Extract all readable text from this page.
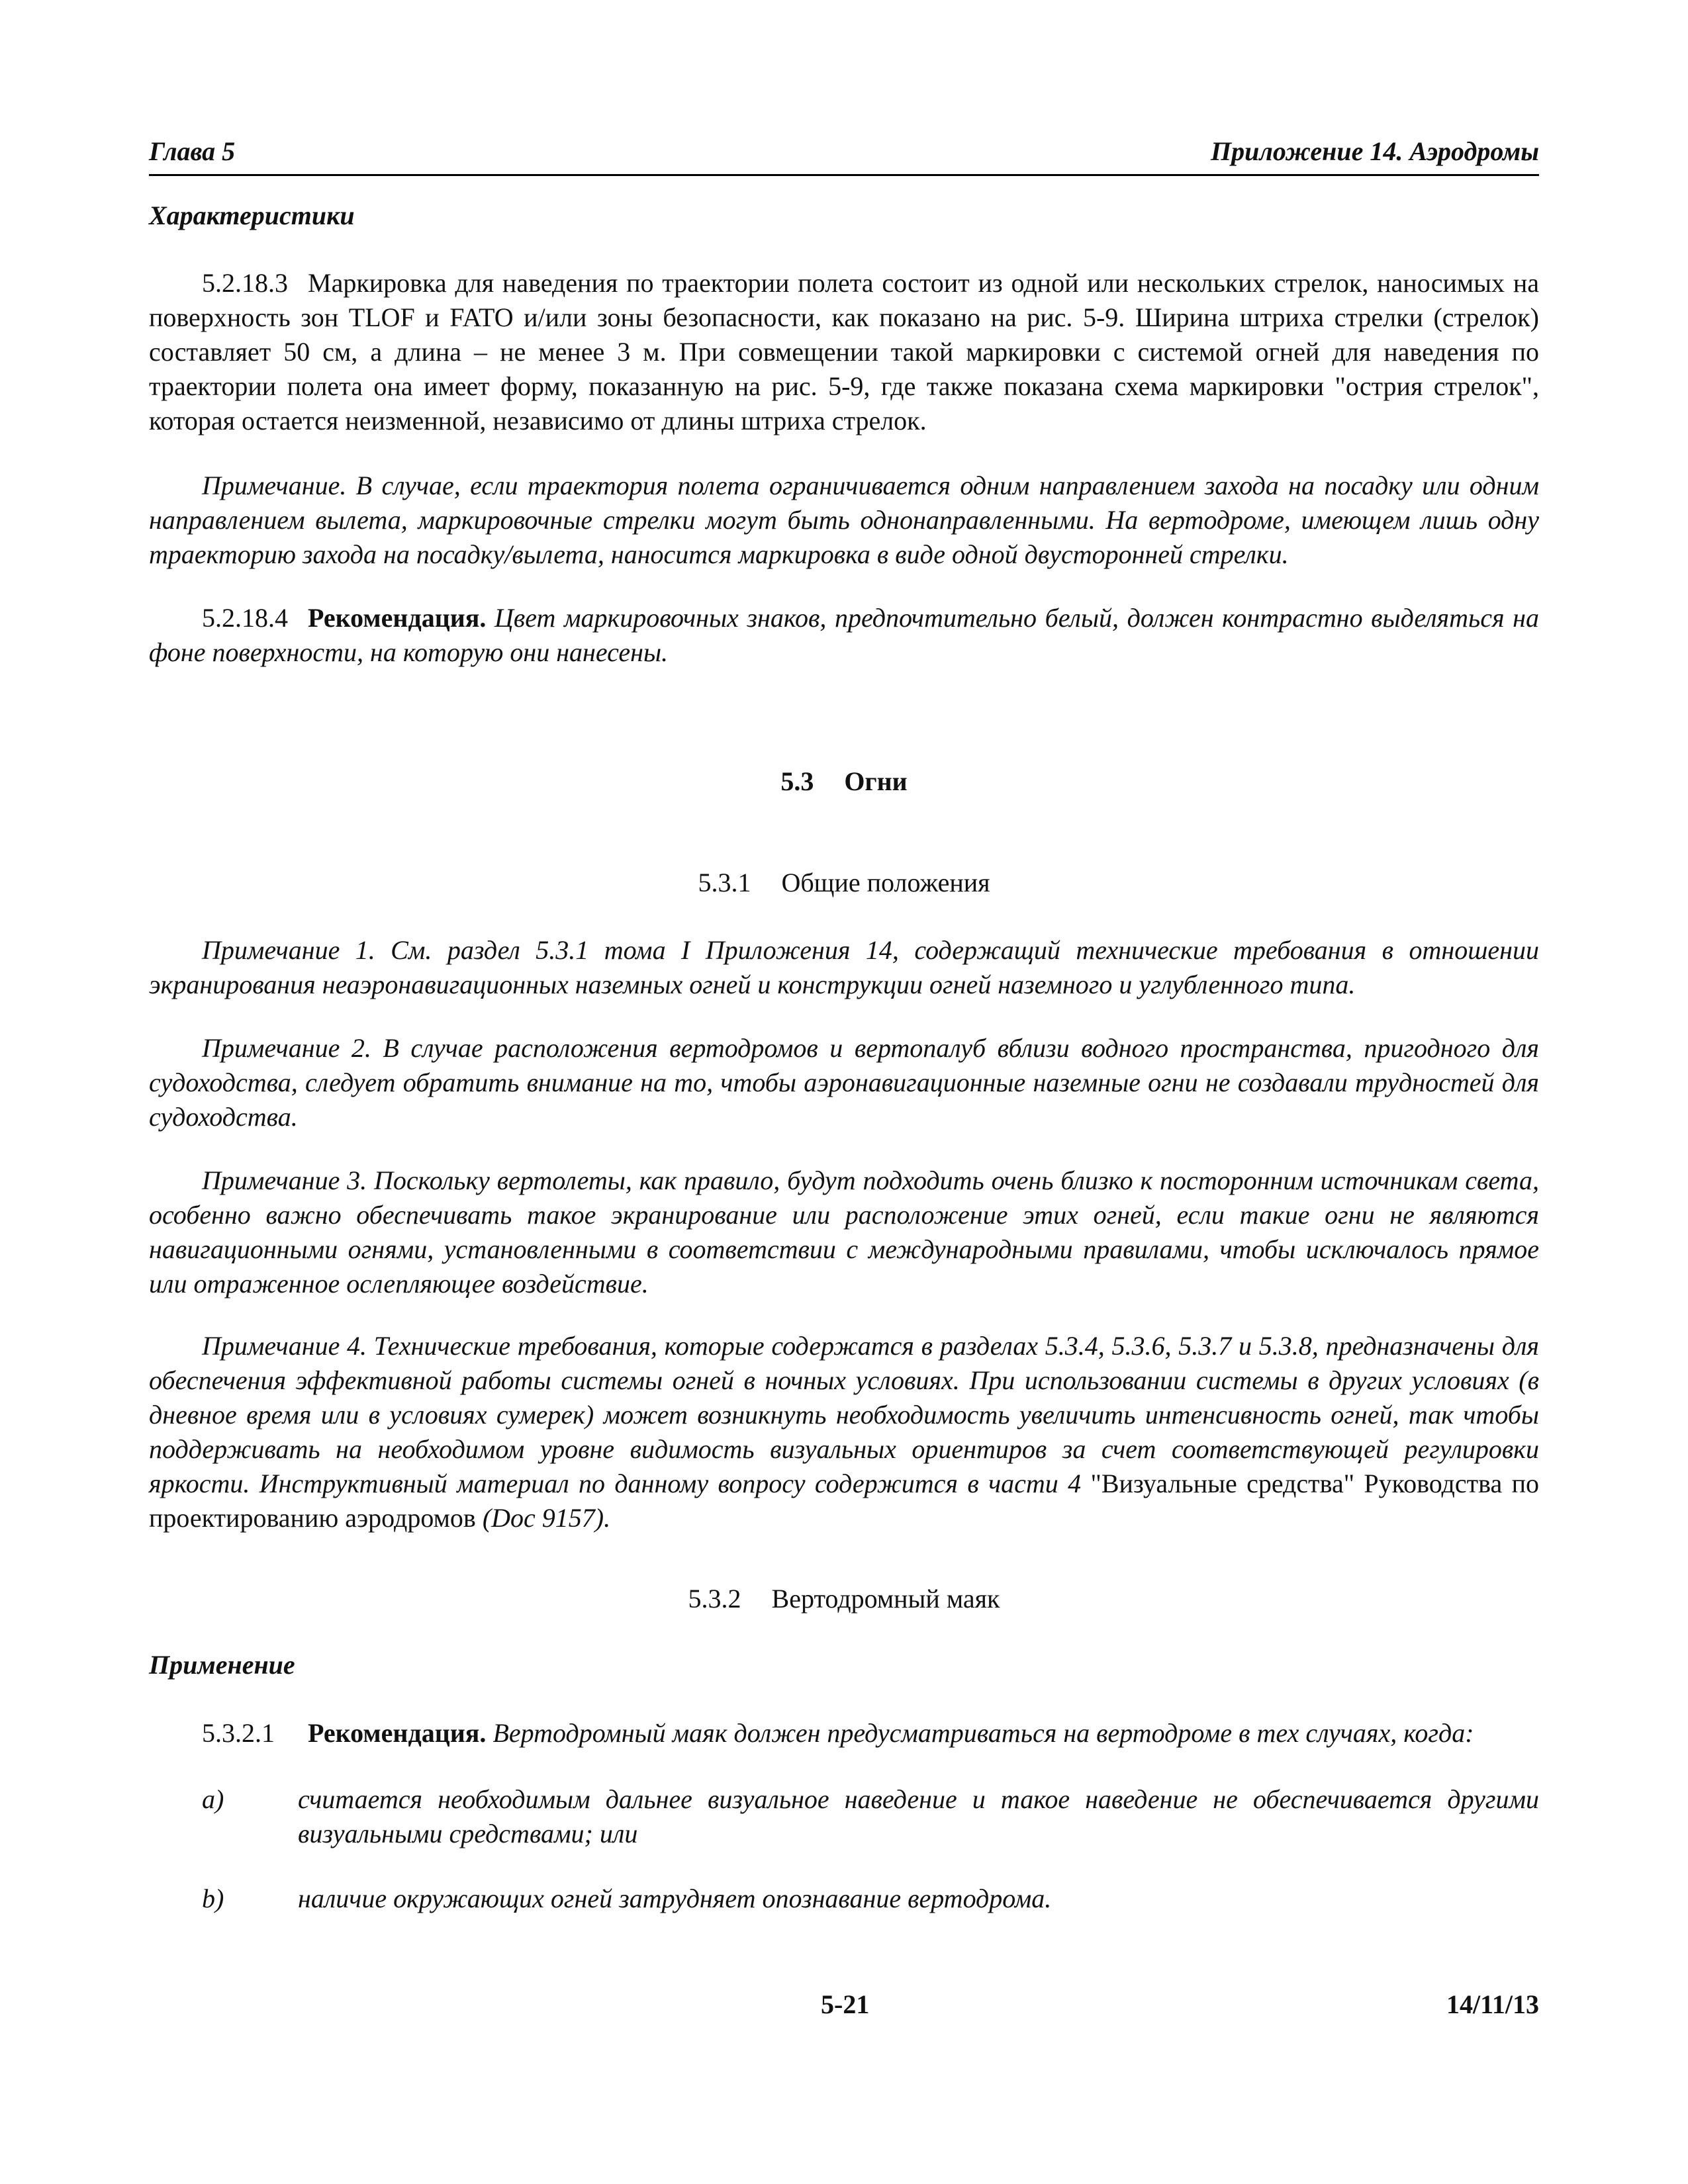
Глава 5	Приложение 14. Аэродромы
Характеристики
5.2.18.3 Маркировка для наведения по траектории полета состоит из одной или нескольких стрелок, наносимых на поверхность зон TLOF и FATO и/или зоны безопасности, как показано на рис. 5-9. Ширина штриха стрелки (стрелок) составляет 50 см, а длина – не менее 3 м. При совмещении такой маркировки с системой огней для наведения по траектории полета она имеет форму, показанную на рис. 5-9, где также показана схема маркировки "острия стрелок", которая остается неизменной, независимо от длины штриха стрелок.
Примечание. В случае, если траектория полета ограничивается одним направлением захода на посадку или одним направлением вылета, маркировочные стрелки могут быть однонаправленными. На вертодроме, имеющем лишь одну траекторию захода на посадку/вылета, наносится маркировка в виде одной двусторонней стрелки.
5.2.18.4 Рекомендация. Цвет маркировочных знаков, предпочтительно белый, должен контрастно выделяться на фоне поверхности, на которую они нанесены.
5.3 Огни
5.3.1 Общие положения
Примечание 1. См. раздел 5.3.1 тома I Приложения 14, содержащий технические требования в отношении экранирования неаэронавигационных наземных огней и конструкции огней наземного и углубленного типа.
Примечание 2. В случае расположения вертодромов и вертопалуб вблизи водного пространства, пригодного для судоходства, следует обратить внимание на то, чтобы аэронавигационные наземные огни не создавали трудностей для судоходства.
Примечание 3. Поскольку вертолеты, как правило, будут подходить очень близко к посторонним источникам света, особенно важно обеспечивать такое экранирование или расположение этих огней, если такие огни не являются навигационными огнями, установленными в соответствии с международными правилами, чтобы исключалось прямое или отраженное ослепляющее воздействие.
Примечание 4. Технические требования, которые содержатся в разделах 5.3.4, 5.3.6, 5.3.7 и 5.3.8, предназначены для обеспечения эффективной работы системы огней в ночных условиях. При использовании системы в других условиях (в дневное время или в условиях сумерек) может возникнуть необходимость увеличить интенсивность огней, так чтобы поддерживать на необходимом уровне видимость визуальных ориентиров за счет соответствующей регулировки яркости. Инструктивный материал по данному вопросу содержится в части 4 "Визуальные средства" Руководства по проектированию аэродромов (Doc 9157).
5.3.2 Вертодромный маяк
Применение
5.3.2.1 Рекомендация. Вертодромный маяк должен предусматриваться на вертодроме в тех случаях, когда:
a)	считается необходимым дальнее визуальное наведение и такое наведение не обеспечивается другими визуальными средствами; или
b)	наличие окружающих огней затрудняет опознавание вертодрома.
5-21	14/11/13
